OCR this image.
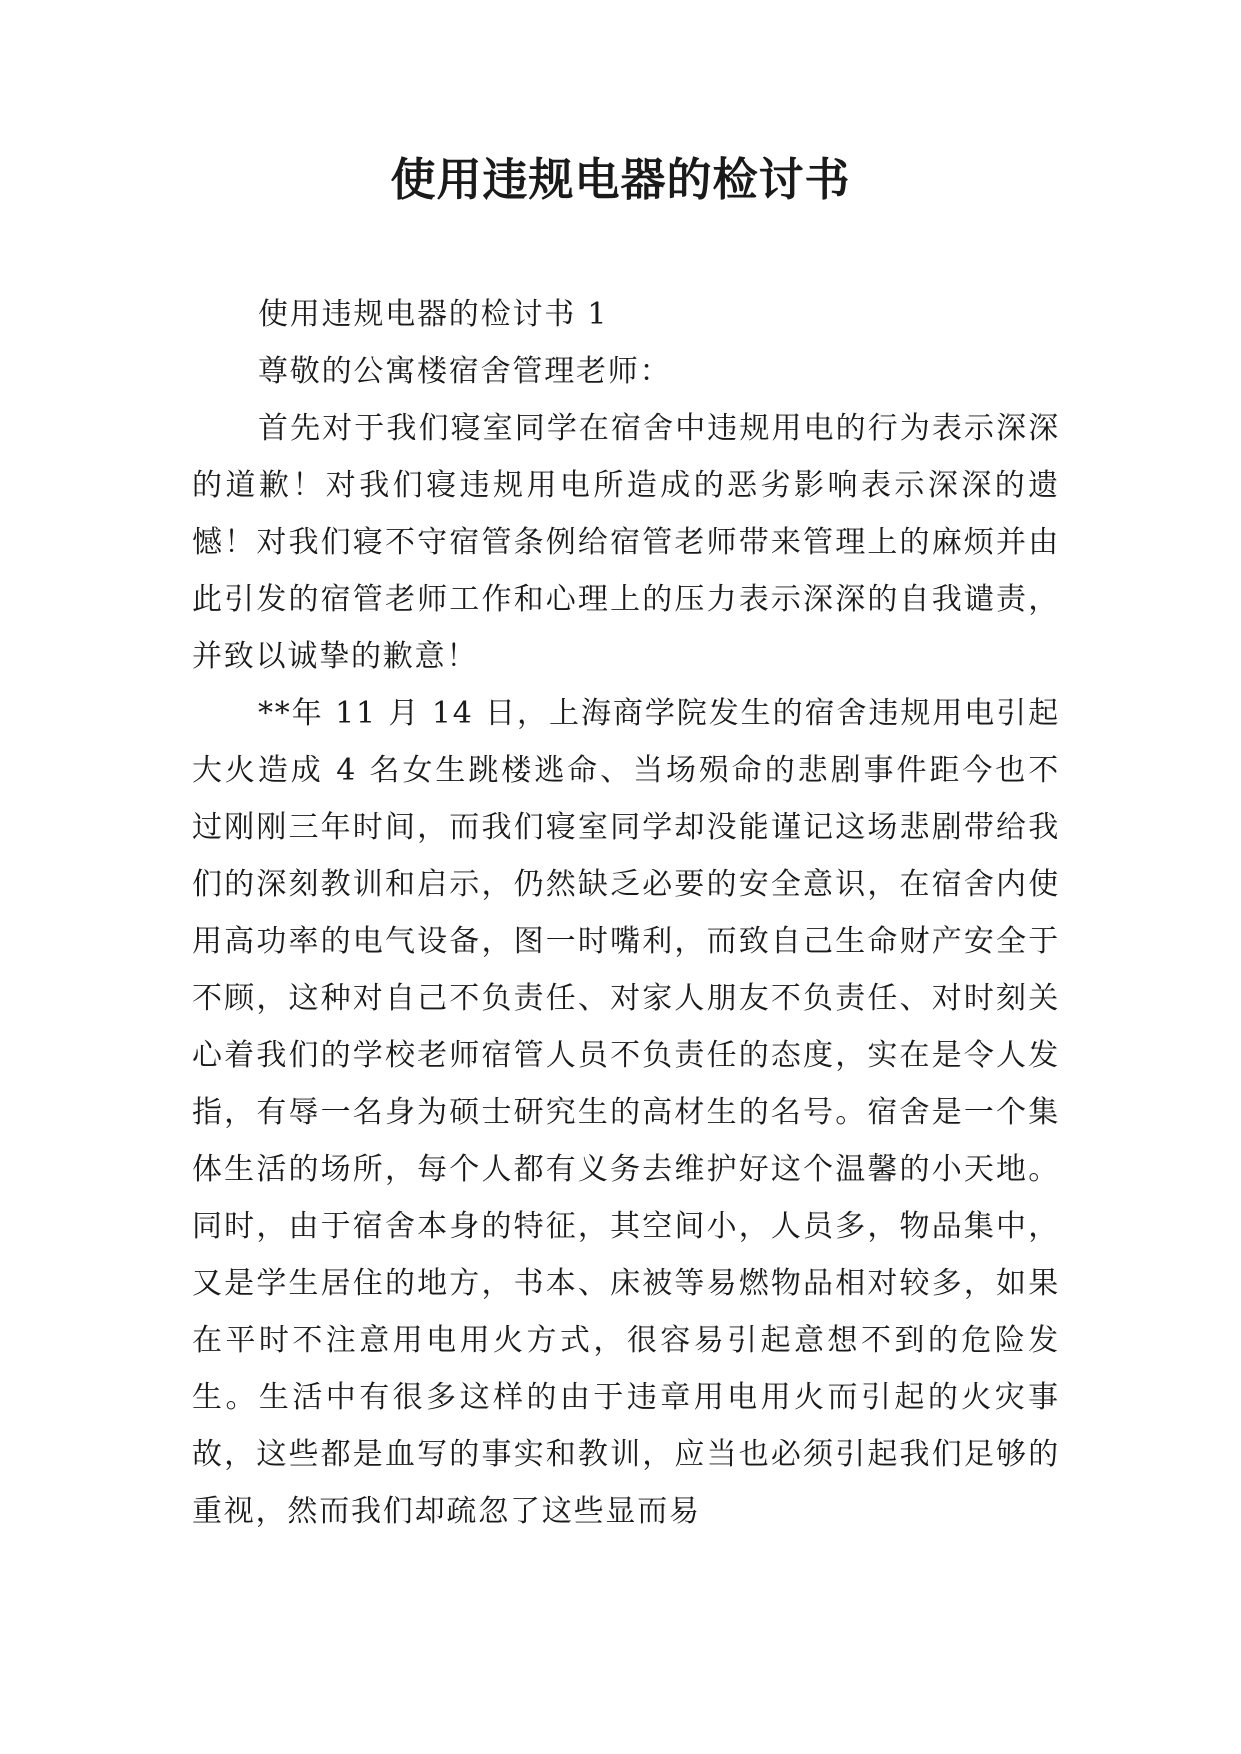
使用违规电器的检讨书

使用违规电器的检讨书 1

尊敬的公寓楼宿舍管理老师：

首先对于我们寝室同学在宿舍中违规用电的行为表示深深的道歉！对我们寝违规用电所造成的恶劣影响表示深深的遗憾！对我们寝不守宿管条例给宿管老师带来管理上的麻烦并由此引发的宿管老师工作和心理上的压力表示深深的自我谴责，并致以诚挚的歉意！

**年 11 月 14 日，上海商学院发生的宿舍违规用电引起大火造成 4 名女生跳楼逃命、当场殒命的悲剧事件距今也不过刚刚三年时间，而我们寝室同学却没能谨记这场悲剧带给我们的深刻教训和启示，仍然缺乏必要的安全意识，在宿舍内使用高功率的电气设备，图一时嘴利，而致自己生命财产安全于不顾，这种对自己不负责任、对家人朋友不负责任、对时刻关心着我们的学校老师宿管人员不负责任的态度，实在是令人发指，有辱一名身为硕士研究生的高材生的名号。宿舍是一个集体生活的场所，每个人都有义务去维护好这个温馨的小天地。同时，由于宿舍本身的特征，其空间小，人员多，物品集中，又是学生居住的地方，书本、床被等易燃物品相对较多，如果在平时不注意用电用火方式，很容易引起意想不到的危险发生。生活中有很多这样的由于违章用电用火而引起的火灾事故，这些都是血写的事实和教训，应当也必须引起我们足够的重视，然而我们却疏忽了这些显而易
